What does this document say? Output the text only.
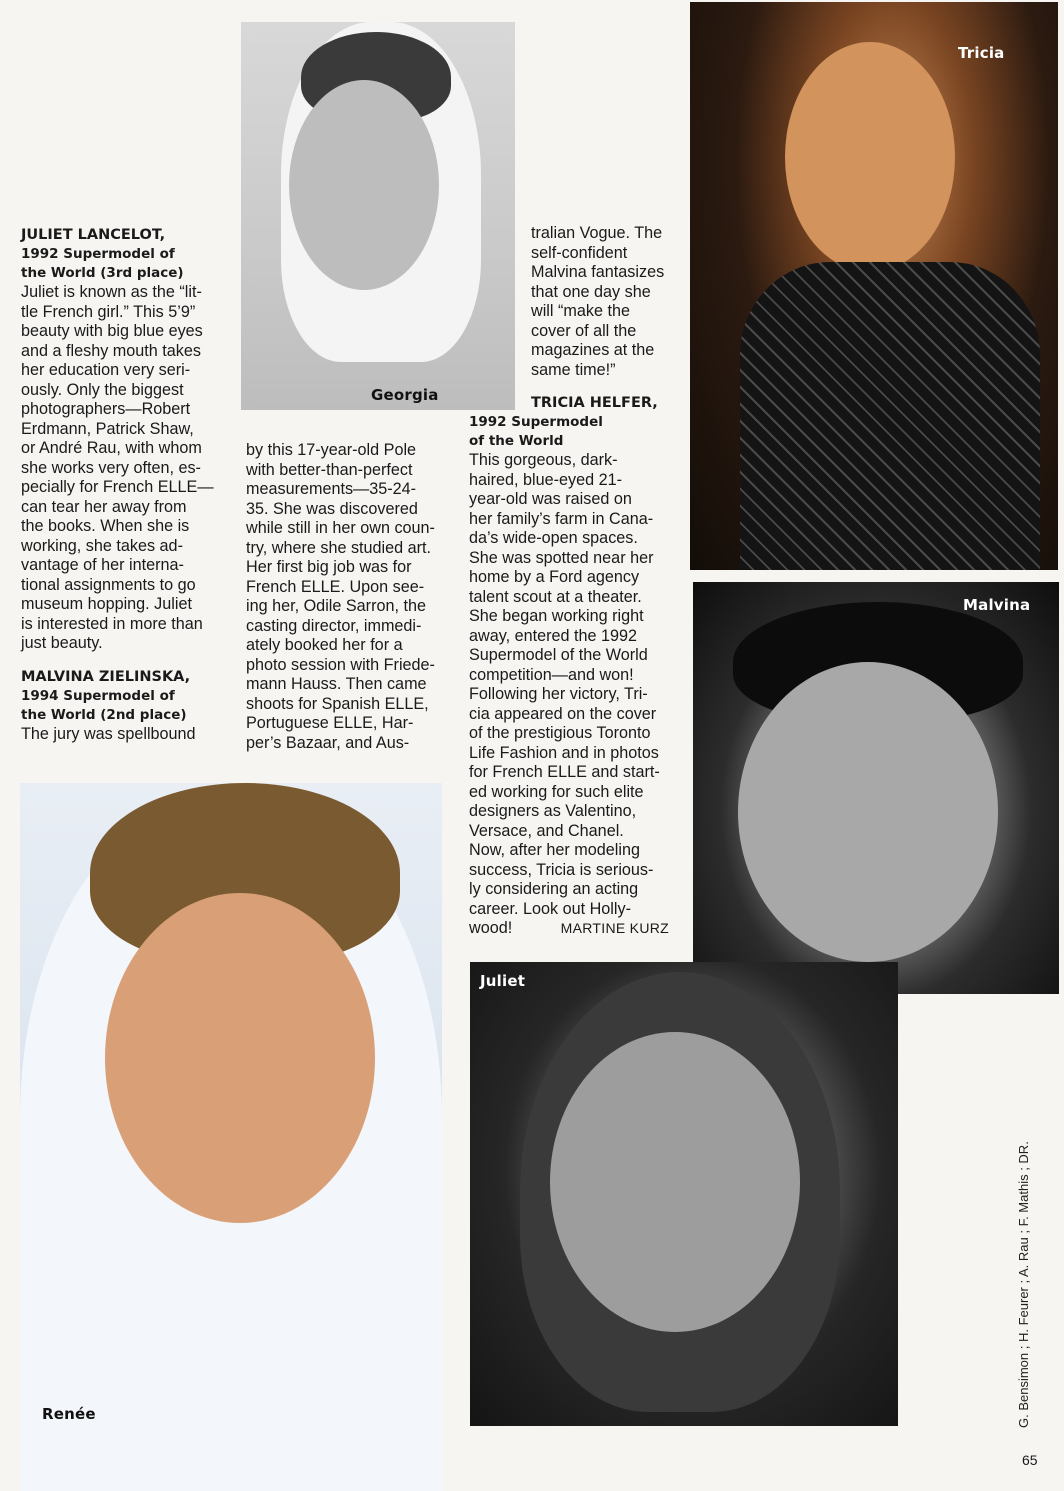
Georgia
Tricia
Malvina
Juliet
Renée
JULIET LANCELOT,
1992 Supermodel of
the World (3rd place)

Juliet is known as the “lit-

tle French girl.” This 5’9”

beauty with big blue eyes

and a fleshy mouth takes

her education very seri-

ously. Only the biggest

photographers—Robert

Erdmann, Patrick Shaw,

or André Rau, with whom

she works very often, es-

pecially for French ELLE—

can tear her away from

the books. When she is

working, she takes ad-

vantage of her interna-

tional assignments to go

museum hopping. Juliet

is interested in more than

just beauty.

MALVINA ZIELINSKA,
1994 Supermodel of
the World (2nd place)

The jury was spellbound

by this 17-year-old Pole

with better-than-perfect

measurements—35-24-

35. She was discovered

while still in her own coun-

try, where she studied art.

Her first big job was for

French ELLE. Upon see-

ing her, Odile Sarron, the

casting director, immedi-

ately booked her for a

photo session with Friede-

mann Hauss. Then came

shoots for Spanish ELLE,

Portuguese ELLE, Har-

per’s Bazaar, and Aus-

tralian Vogue. The

self-confident

Malvina fantasizes

that one day she

will “make the

cover of all the

magazines at the

same time!”

TRICIA HELFER,
1992 Supermodel
of the World

This gorgeous, dark-

haired, blue-eyed 21-

year-old was raised on

her family’s farm in Cana-

da’s wide-open spaces.

She was spotted near her

home by a Ford agency

talent scout at a theater.

She began working right

away, entered the 1992

Supermodel of the World

competition—and won!

Following her victory, Tri-

cia appeared on the cover

of the prestigious Toronto

Life Fashion and in photos

for French ELLE and start-

ed working for such elite

designers as Valentino,

Versace, and Chanel.

Now, after her modeling

success, Tricia is serious-

ly considering an acting

career. Look out Holly-

wood!	MARTINE KURZ
G. Bensimon ; H. Feurer ; A. Rau ; F. Mathis ; DR.
65
